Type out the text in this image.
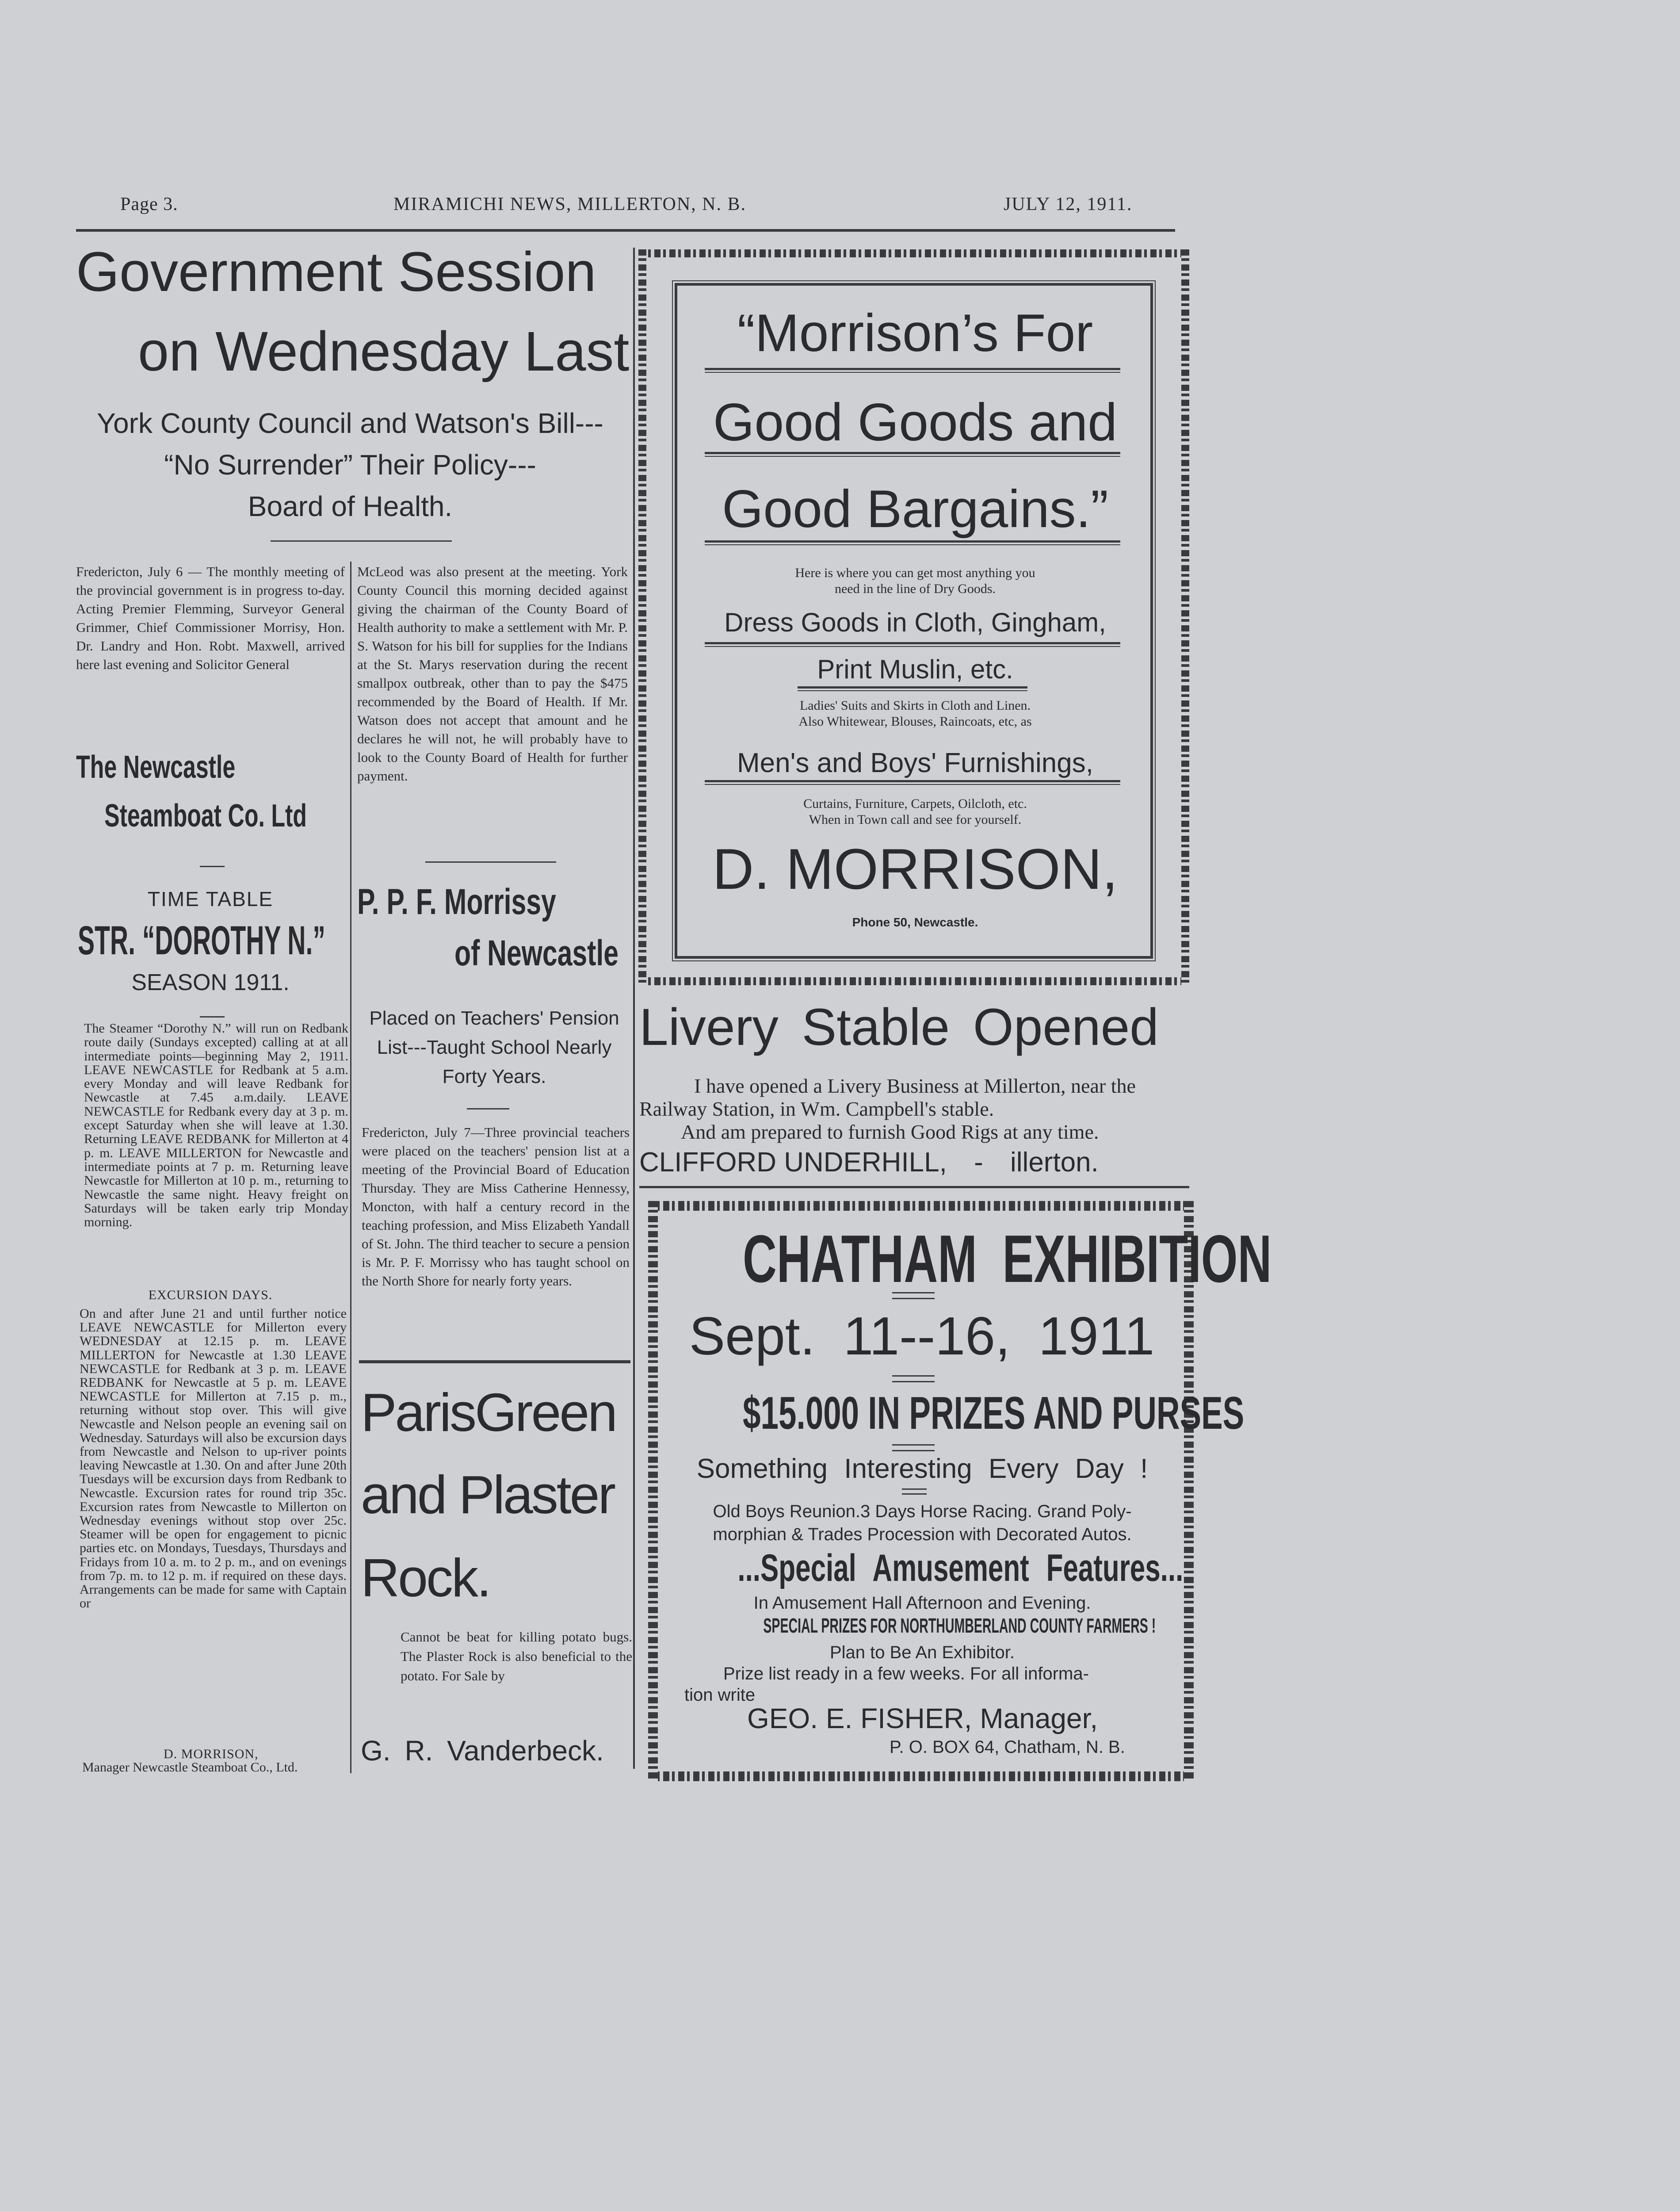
Page 3.	MIRAMICHI NEWS, MILLERTON, N. B.	JULY 12, 1911.
Government Session
on Wednesday Last
York County Council and Watson's Bill---
“No Surrender” Their Policy---
Board of Health.
Fredericton, July 6 — The monthly meeting of the provincial government is in progress to-day. Acting Premier Flemming, Surveyor General Grimmer, Chief Commissioner Morrisy, Hon. Dr. Landry and Hon. Robt. Maxwell, arrived here last evening and Solicitor General
McLeod was also present at the meeting. York County Council this morning decided against giving the chairman of the County Board of Health authority to make a settlement with Mr. P. S. Watson for his bill for supplies for the Indians at the St. Marys reservation during the recent smallpox outbreak, other than to pay the $475 recommended by the Board of Health. If Mr. Watson does not accept that amount and he declares he will not, he will probably have to look to the County Board of Health for further payment.
The Newcastle
Steamboat Co. Ltd
TIME TABLE
STR. “DOROTHY N.”
SEASON 1911.
The Steamer “Dorothy N.” will run on Redbank route daily (Sundays excepted) calling at at all intermediate points—beginning May 2, 1911. LEAVE NEWCASTLE for Redbank at 5 a.m. every Monday and will leave Redbank for Newcastle at 7.45 a.m.daily. LEAVE NEWCASTLE for Redbank every day at 3 p. m. except Saturday when she will leave at 1.30. Returning LEAVE REDBANK for Millerton at 4 p. m. LEAVE MILLERTON for Newcastle and intermediate points at 7 p. m. Returning leave Newcastle for Millerton at 10 p. m., returning to Newcastle the same night. Heavy freight on Saturdays will be taken early trip Monday morning.
EXCURSION DAYS.
On and after June 21 and until further notice LEAVE NEWCASTLE for Millerton every WEDNESDAY at 12.15 p. m. LEAVE MILLERTON for Newcastle at 1.30 LEAVE NEWCASTLE for Redbank at 3 p. m. LEAVE REDBANK for Newcastle at 5 p. m. LEAVE NEWCASTLE for Millerton at 7.15 p. m., returning without stop over. This will give Newcastle and Nelson people an evening sail on Wednesday. Saturdays will also be excursion days from Newcastle and Nelson to up-river points leaving Newcastle at 1.30. On and after June 20th Tuesdays will be excursion days from Redbank to Newcastle. Excursion rates for round trip 35c. Excursion rates from Newcastle to Millerton on Wednesday evenings without stop over 25c. Steamer will be open for engagement to picnic parties etc. on Mondays, Tuesdays, Thursdays and Fridays from 10 a. m. to 2 p. m., and on evenings from 7p. m. to 12 p. m. if required on these days. Arrangements can be made for same with Captain or
D. MORRISON,
Manager Newcastle Steamboat Co., Ltd.
P. P. F. Morrissy
of Newcastle
Placed on Teachers' Pension
List---Taught School Nearly
Forty Years.
Fredericton, July 7—Three provincial teachers were placed on the teachers' pension list at a meeting of the Provincial Board of Education Thursday. They are Miss Catherine Hennessy, Moncton, with half a century record in the teaching profession, and Miss Elizabeth Yandall of St. John. The third teacher to secure a pension is Mr. P. F. Morrissy who has taught school on the North Shore for nearly forty years.
ParisGreen
and Plaster
Rock.
Cannot be beat for killing potato bugs. The Plaster Rock is also beneficial to the potato. For Sale by
G. R. Vanderbeck.
“Morrison’s For
Good Goods and
Good Bargains.”
Here is where you can get most anything you
need in the line of Dry Goods.
Dress Goods in Cloth, Gingham,
Print Muslin, etc.
Ladies' Suits and Skirts in Cloth and Linen.
Also Whitewear, Blouses, Raincoats, etc, as
Men's and Boys' Furnishings,
Curtains, Furniture, Carpets, Oilcloth, etc.
When in Town call and see for yourself.
D. MORRISON,
Phone 50, Newcastle.
Livery Stable Opened
I have opened a Livery Business at Millerton, near the
Railway Station, in Wm. Campbell's stable.
And am prepared to furnish Good Rigs at any time.
CLIFFORD UNDERHILL, - illerton.
CHATHAM EXHIBITION
Sept. 11--16, 1911
$15.000 IN PRIZES AND PURSES
Something Interesting Every Day !
Old Boys Reunion.3 Days Horse Racing. Grand Poly-
morphian & Trades Procession with Decorated Autos.
...Special Amusement Features...
In Amusement Hall Afternoon and Evening.
SPECIAL PRIZES FOR NORTHUMBERLAND COUNTY FARMERS !
Plan to Be An Exhibitor.
Prize list ready in a few weeks. For all informa-
tion write
GEO. E. FISHER, Manager,
P. O. BOX 64, Chatham, N. B.
